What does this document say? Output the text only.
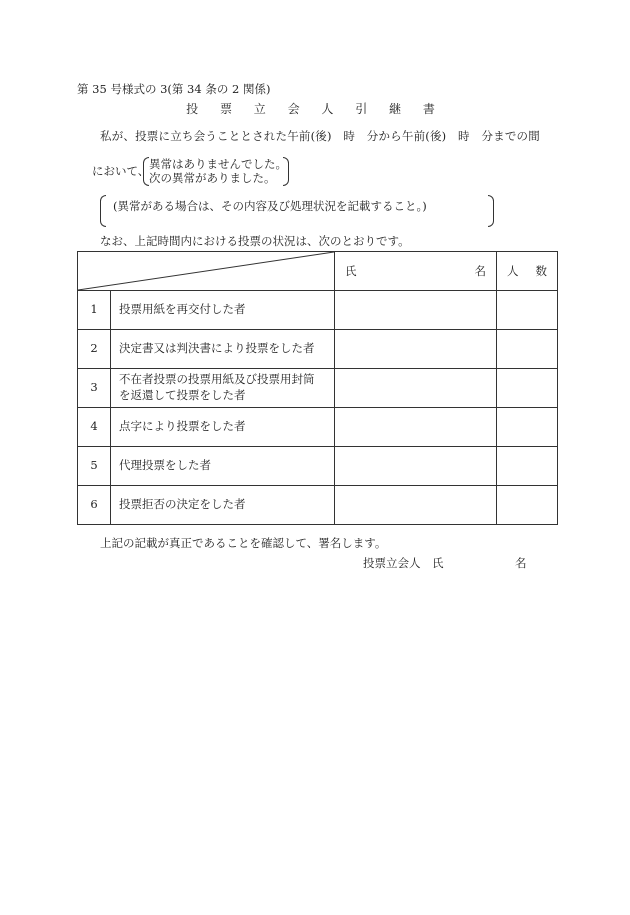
第 35 号様式の 3(第 34 条の 2 関係)
投 票 立 会 人 引 継 書
私が、投票に立ち会うこととされた午前(後)　時　分から午前(後)　時　分までの間
において、 異常はありませんでした。
次の異常がありました。
(異常がある場合は、その内容及び処理状況を記載すること。)
なお、上記時間内における投票の状況は、次のとおりです。

氏 名	人 数

1	投票用紙を再交付した者		
2	決定書又は判決書により投票をした者		
3	不在者投票の投票用紙及び投票用封筒
を返還して投票をした者		

4	点字により投票をした者		
5	代理投票をした者		
6	投票拒否の決定をした者		
上記の記載が真正であることを確認して、署名します。
投票立会人　氏	名
